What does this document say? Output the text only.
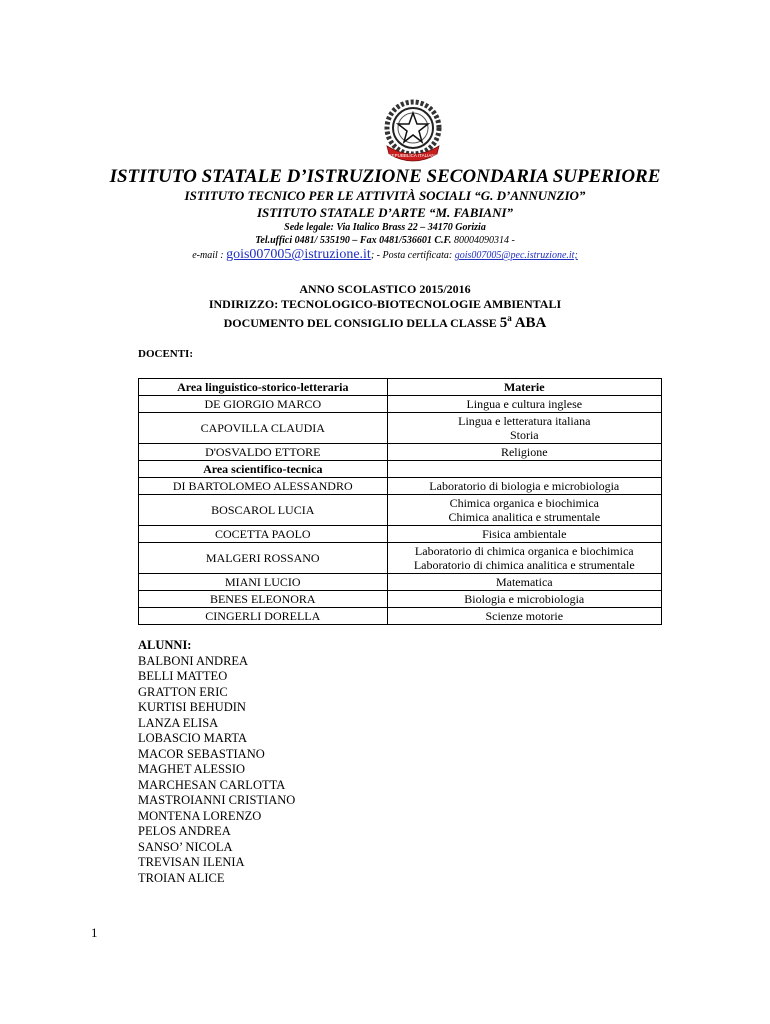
REPUBBLICA ITALIANA
ISTITUTO STATALE D’ISTRUZIONE SECONDARIA SUPERIORE
ISTITUTO TECNICO PER LE ATTIVITÀ SOCIALI “G. D’ANNUNZIO”
ISTITUTO STATALE D’ARTE “M. FABIANI”
Sede legale: Via Italico Brass 22 – 34170 Gorizia
Tel.uffici 0481/ 535190 – Fax 0481/536601 C.F. 80004090314 -
e-mail : gois007005@istruzione.it; - Posta certificata: gois007005@pec.istruzione.it;
ANNO SCOLASTICO 2015/2016
INDIRIZZO: TECNOLOGICO-BIOTECNOLOGIE AMBIENTALI
DOCUMENTO DEL CONSIGLIO DELLA CLASSE 5$^a$ ABA
DOCENTI:
Area linguistico-storico-letteraria	Materie
DE GIORGIO MARCO	Lingua e cultura inglese
CAPOVILLA CLAUDIA	Lingua e letteratura italiana
Storia

D'OSVALDO ETTORE	Religione
Area scientifico-tecnica	
DI BARTOLOMEO ALESSANDRO	Laboratorio di biologia e microbiologia
BOSCAROL LUCIA	Chimica organica e biochimica
Chimica analitica e strumentale

COCETTA PAOLO	Fisica ambientale
MALGERI ROSSANO	Laboratorio di chimica organica e biochimica
Laboratorio di chimica analitica e strumentale

MIANI LUCIO	Matematica
BENES ELEONORA	Biologia e microbiologia
CINGERLI DORELLA	Scienze motorie
ALUNNI:
BALBONI ANDREA
BELLI MATTEO
GRATTON ERIC
KURTISI BEHUDIN
LANZA ELISA
LOBASCIO MARTA
MACOR SEBASTIANO
MAGHET ALESSIO
MARCHESAN CARLOTTA
MASTROIANNI CRISTIANO
MONTENA LORENZO
PELOS ANDREA
SANSO’ NICOLA
TREVISAN ILENIA
TROIAN ALICE
1
